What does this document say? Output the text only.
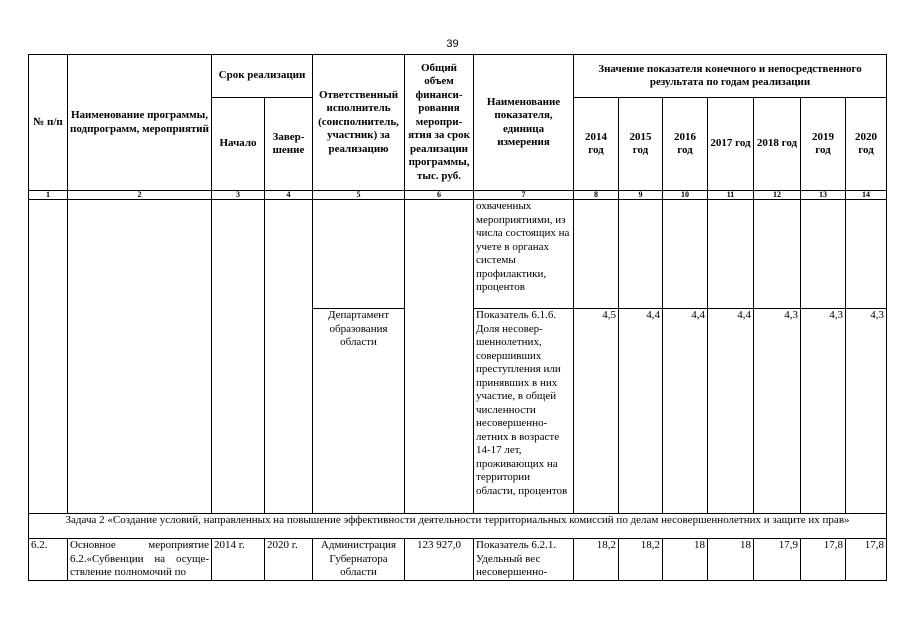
39
№ п/п	Наименование программы, подпрограмм, мероприятий	Срок реализации		Ответственный исполнитель (соисполнитель, участник) за реализацию	Общий объем финанси-рования меропри-ятия за срок реализации программы, тыс. руб.	Наименование показателя, единица измерения	Значение показателя конечного и непосредственного результата по годам реализации						
		Начало	Завер-шение				2014 год	2015 год	2016 год	2017 год	2018 год	2019 год	2020 год
1	2	3	4	5	6	7	8	9	10	11	12	13	14
						охваченных мероприятиями, из числа состоящих на учете в органах системы профилактики, процентов							
				Департамент образования области		Показатель 6.1.6. Доля несовер-шеннолетних, совершивших преступления или принявших в них участие, в общей численности несовершенно-летних в возрасте 14-17 лет, проживающих на территории области, процентов	4,5	4,4	4,4	4,4	4,3	4,3	4,3
Задача 2 «Создание условий, направленных на повышение эффективности деятельности территориальных комиссий по делам несовершеннолетних и защите их прав»													
6.2.	Основное мероприятие 6.2.«Субвенции на осуще-ствление полномочий по	2014 г.	2020 г.	Администрация Губернатора области	123 927,0	Показатель 6.2.1. Удельный вес несовершенно-	18,2	18,2	18	18	17,9	17,8	17,8
